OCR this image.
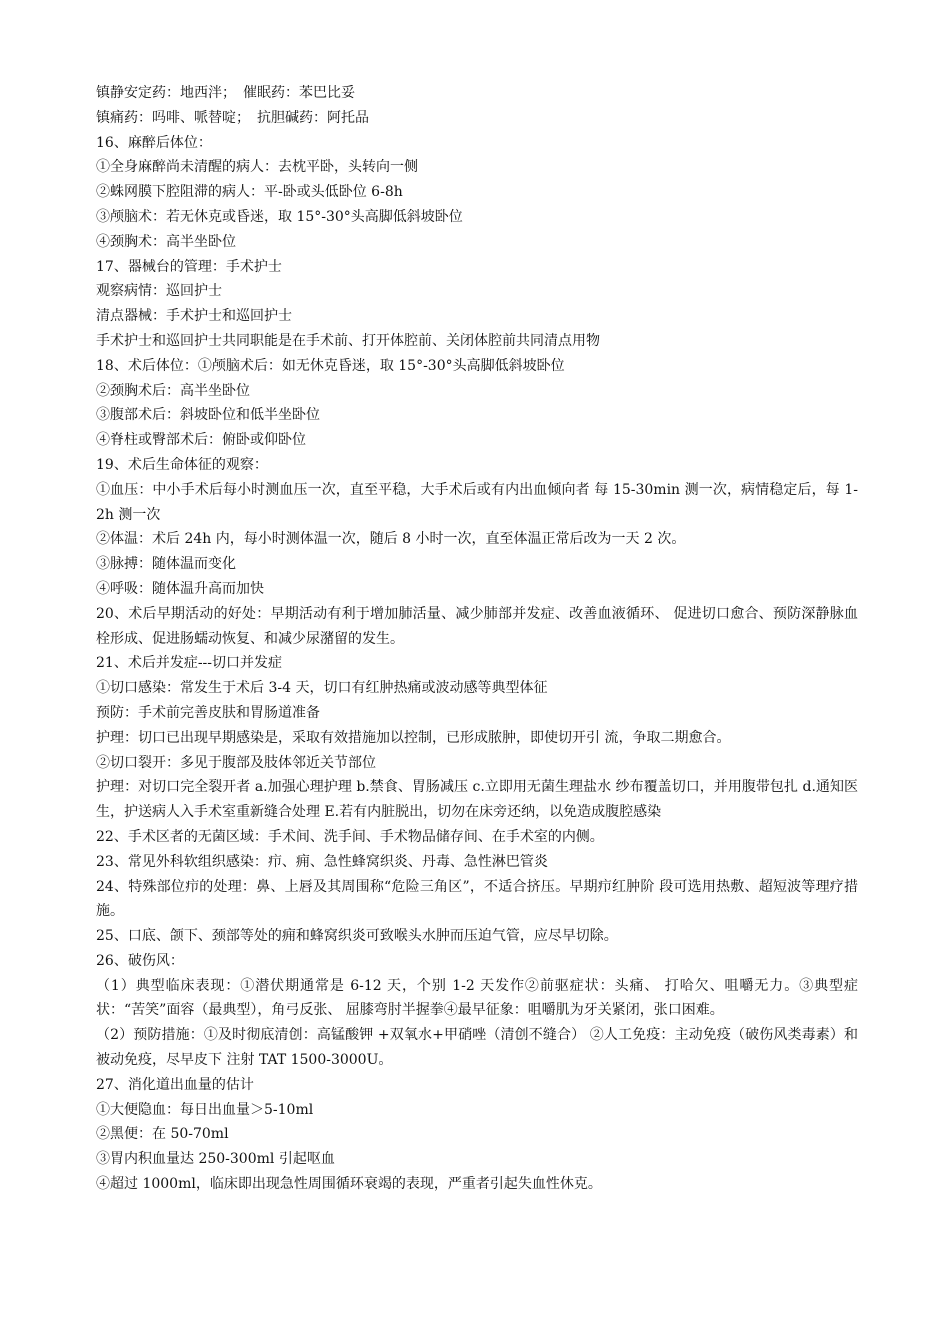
镇静安定药：地西泮；　催眠药：苯巴比妥
镇痛药：吗啡、哌替啶；　抗胆碱药：阿托品
16、麻醉后体位：
①全身麻醉尚未清醒的病人：去枕平卧，头转向一侧
②蛛网膜下腔阻滞的病人：平-卧或头低卧位 6-8h
③颅脑术：若无休克或昏迷，取 15°-30°头高脚低斜坡卧位
④颈胸术：高半坐卧位
17、器械台的管理：手术护士
观察病情：巡回护士
清点器械：手术护士和巡回护士
手术护士和巡回护士共同职能是在手术前、打开体腔前、关闭体腔前共同清点用物
18、术后体位：①颅脑术后：如无休克昏迷，取 15°-30°头高脚低斜坡卧位
②颈胸术后：高半坐卧位
③腹部术后：斜坡卧位和低半坐卧位
④脊柱或臀部术后：俯卧或仰卧位
19、术后生命体征的观察：
①血压：中小手术后每小时测血压一次，直至平稳，大手术后或有内出血倾向者 每 15-30min 测一次，病情稳定后，每 1-2h 测一次
②体温：术后 24h 内，每小时测体温一次，随后 8 小时一次，直至体温正常后改为一天 2 次。
③脉搏：随体温而变化
④呼吸：随体温升高而加快
20、术后早期活动的好处：早期活动有利于增加肺活量、减少肺部并发症、改善血液循环、 促进切口愈合、预防深静脉血栓形成、促进肠蠕动恢复、和减少尿潴留的发生。
21、术后并发症---切口并发症
①切口感染：常发生于术后 3-4 天，切口有红肿热痛或波动感等典型体征
预防：手术前完善皮肤和胃肠道准备
护理：切口已出现早期感染是，采取有效措施加以控制，已形成脓肿，即使切开引 流，争取二期愈合。
②切口裂开：多见于腹部及肢体邻近关节部位
护理：对切口完全裂开者 a.加强心理护理 b.禁食、胃肠减压 c.立即用无菌生理盐水 纱布覆盖切口，并用腹带包扎 d.通知医生，护送病人入手术室重新缝合处理 E.若有内脏脱出，切勿在床旁还纳，以免造成腹腔感染
22、手术区者的无菌区域：手术间、洗手间、手术物品储存间、在手术室的内侧。
23、常见外科软组织感染：疖、痈、急性蜂窝织炎、丹毒、急性淋巴管炎
24、特殊部位疖的处理：鼻、上唇及其周围称“危险三角区”，不适合挤压。早期疖红肿阶 段可选用热敷、超短波等理疗措施。
25、口底、颌下、颈部等处的痈和蜂窝织炎可致喉头水肿而压迫气管，应尽早切除。
26、破伤风：
（1）典型临床表现：①潜伏期通常是 6-12 天，个别 1-2 天发作②前驱症状：头痛、 打哈欠、咀嚼无力。③典型症状：“苦笑”面容（最典型），角弓反张、 屈膝弯肘半握拳④最早征象：咀嚼肌为牙关紧闭，张口困难。
（2）预防措施：①及时彻底清创：高锰酸钾 +双氧水+甲硝唑（清创不缝合） ②人工免疫：主动免疫（破伤风类毒素）和被动免疫，尽早皮下 注射 TAT 1500-3000U。
27、消化道出血量的估计
①大便隐血：每日出血量＞5-10ml
②黑便：在 50-70ml
③胃内积血量达 250-300ml 引起呕血
④超过 1000ml，临床即出现急性周围循环衰竭的表现，严重者引起失血性休克。
